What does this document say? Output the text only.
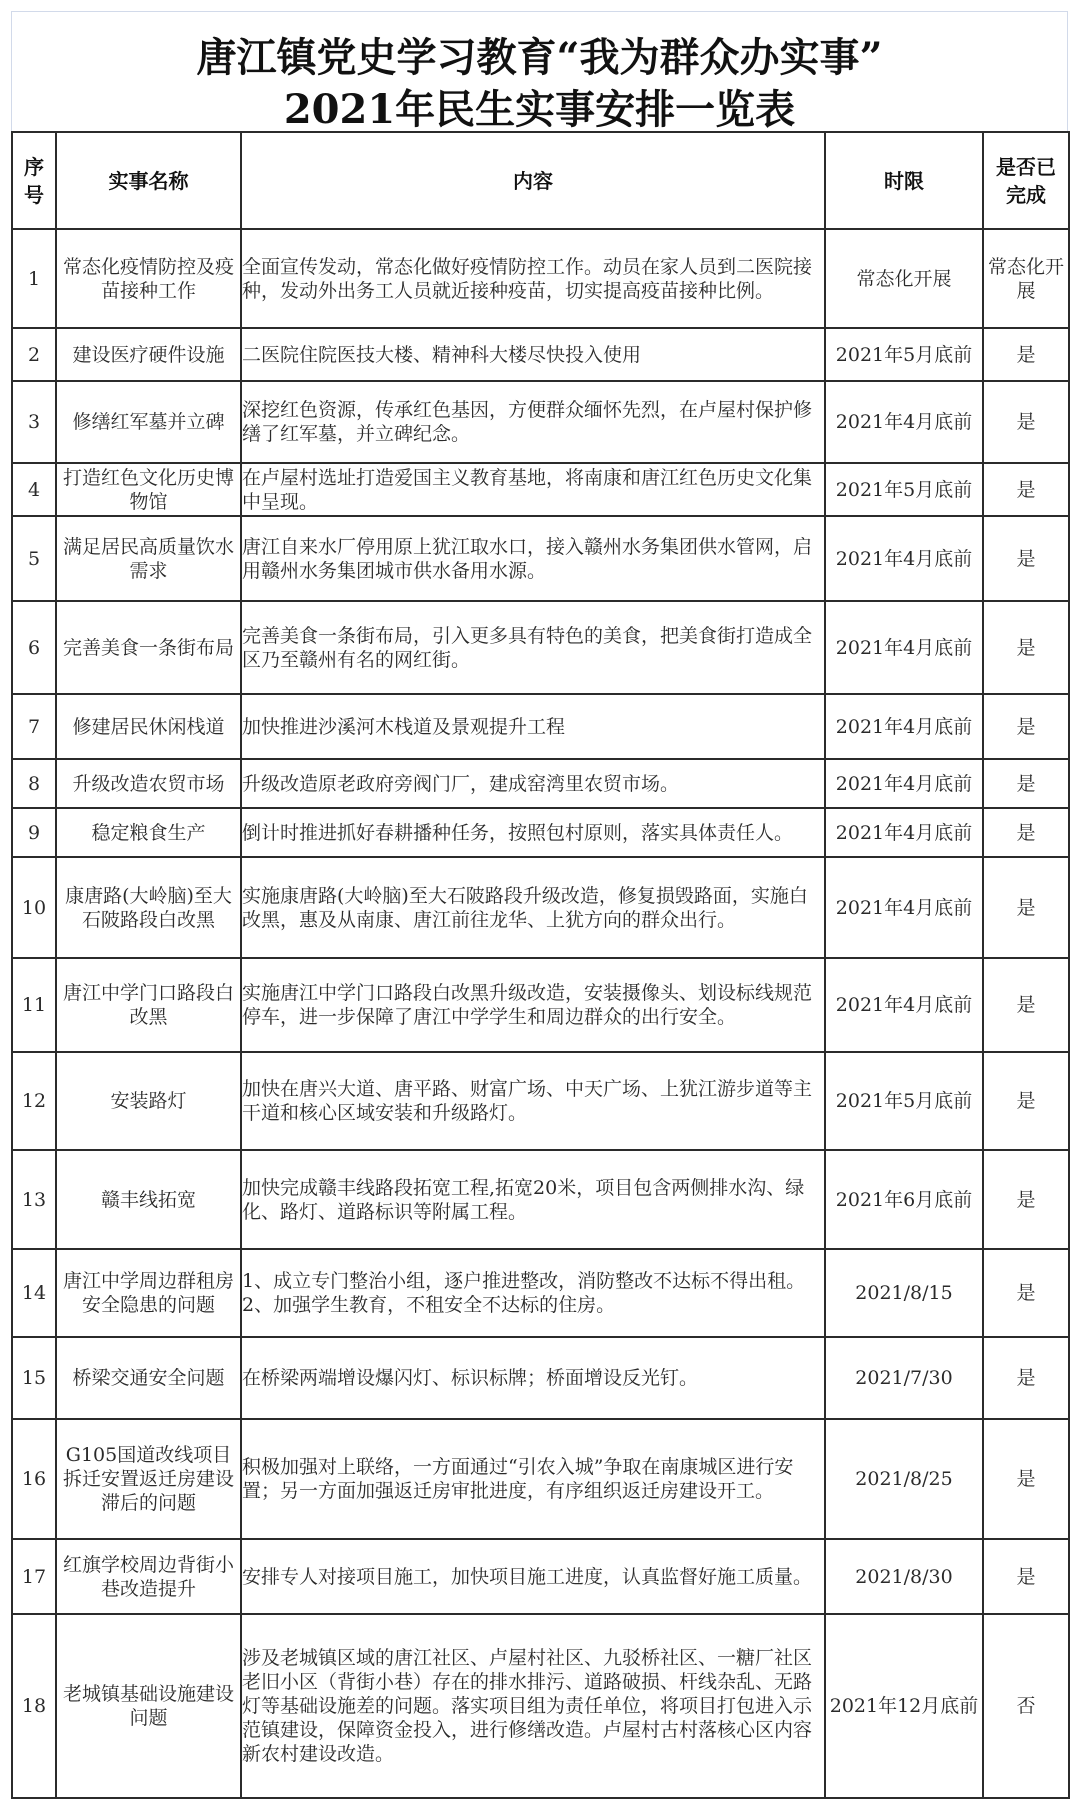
唐江镇党史学习教育“我为群众办实事”
2021年民生实事安排一览表
序号	实事名称	内容	时限	是否已完成
1	常态化疫情防控及疫苗接种工作	全面宣传发动，常态化做好疫情防控工作。动员在家人员到二医院接种，发动外出务工人员就近接种疫苗，切实提高疫苗接种比例。	常态化开展	常态化开展
2	建设医疗硬件设施	二医院住院医技大楼、精神科大楼尽快投入使用	2021年5月底前	是
3	修缮红军墓并立碑	深挖红色资源，传承红色基因，方便群众缅怀先烈，在卢屋村保护修缮了红军墓，并立碑纪念。	2021年4月底前	是
4	打造红色文化历史博物馆	在卢屋村选址打造爱国主义教育基地，将南康和唐江红色历史文化集中呈现。	2021年5月底前	是
5	满足居民高质量饮水需求	唐江自来水厂停用原上犹江取水口，接入赣州水务集团供水管网，启用赣州水务集团城市供水备用水源。	2021年4月底前	是
6	完善美食一条街布局	完善美食一条街布局，引入更多具有特色的美食，把美食街打造成全区乃至赣州有名的网红街。	2021年4月底前	是
7	修建居民休闲栈道	加快推进沙溪河木栈道及景观提升工程	2021年4月底前	是
8	升级改造农贸市场	升级改造原老政府旁阀门厂，建成窑湾里农贸市场。	2021年4月底前	是
9	稳定粮食生产	倒计时推进抓好春耕播种任务，按照包村原则，落实具体责任人。	2021年4月底前	是
10	康唐路(大岭脑)至大石陂路段白改黑	实施康唐路(大岭脑)至大石陂路段升级改造，修复损毁路面，实施白改黑，惠及从南康、唐江前往龙华、上犹方向的群众出行。	2021年4月底前	是
11	唐江中学门口路段白改黑	实施唐江中学门口路段白改黑升级改造，安装摄像头、划设标线规范停车，进一步保障了唐江中学学生和周边群众的出行安全。	2021年4月底前	是
12	安装路灯	加快在唐兴大道、唐平路、财富广场、中天广场、上犹江游步道等主干道和核心区域安装和升级路灯。	2021年5月底前	是
13	赣丰线拓宽	加快完成赣丰线路段拓宽工程,拓宽20米，项目包含两侧排水沟、绿化、路灯、道路标识等附属工程。	2021年6月底前	是
14	唐江中学周边群租房安全隐患的问题	1、成立专门整治小组，逐户推进整改，消防整改不达标不得出租。2、加强学生教育，不租安全不达标的住房。	2021/8/15	是
15	桥梁交通安全问题	在桥梁两端增设爆闪灯、标识标牌；桥面增设反光钉。	2021/7/30	是
16	G105国道改线项目拆迁安置返迁房建设滞后的问题	积极加强对上联络，一方面通过“引农入城”争取在南康城区进行安置；另一方面加强返迁房审批进度，有序组织返迁房建设开工。	2021/8/25	是
17	红旗学校周边背街小巷改造提升	安排专人对接项目施工，加快项目施工进度，认真监督好施工质量。	2021/8/30	是
18	老城镇基础设施建设问题	涉及老城镇区域的唐江社区、卢屋村社区、九驳桥社区、一糖厂社区老旧小区（背街小巷）存在的排水排污、道路破损、杆线杂乱、无路灯等基础设施差的问题。落实项目组为责任单位，将项目打包进入示范镇建设，保障资金投入，进行修缮改造。卢屋村古村落核心区内容新农村建设改造。	2021年12月底前	否
